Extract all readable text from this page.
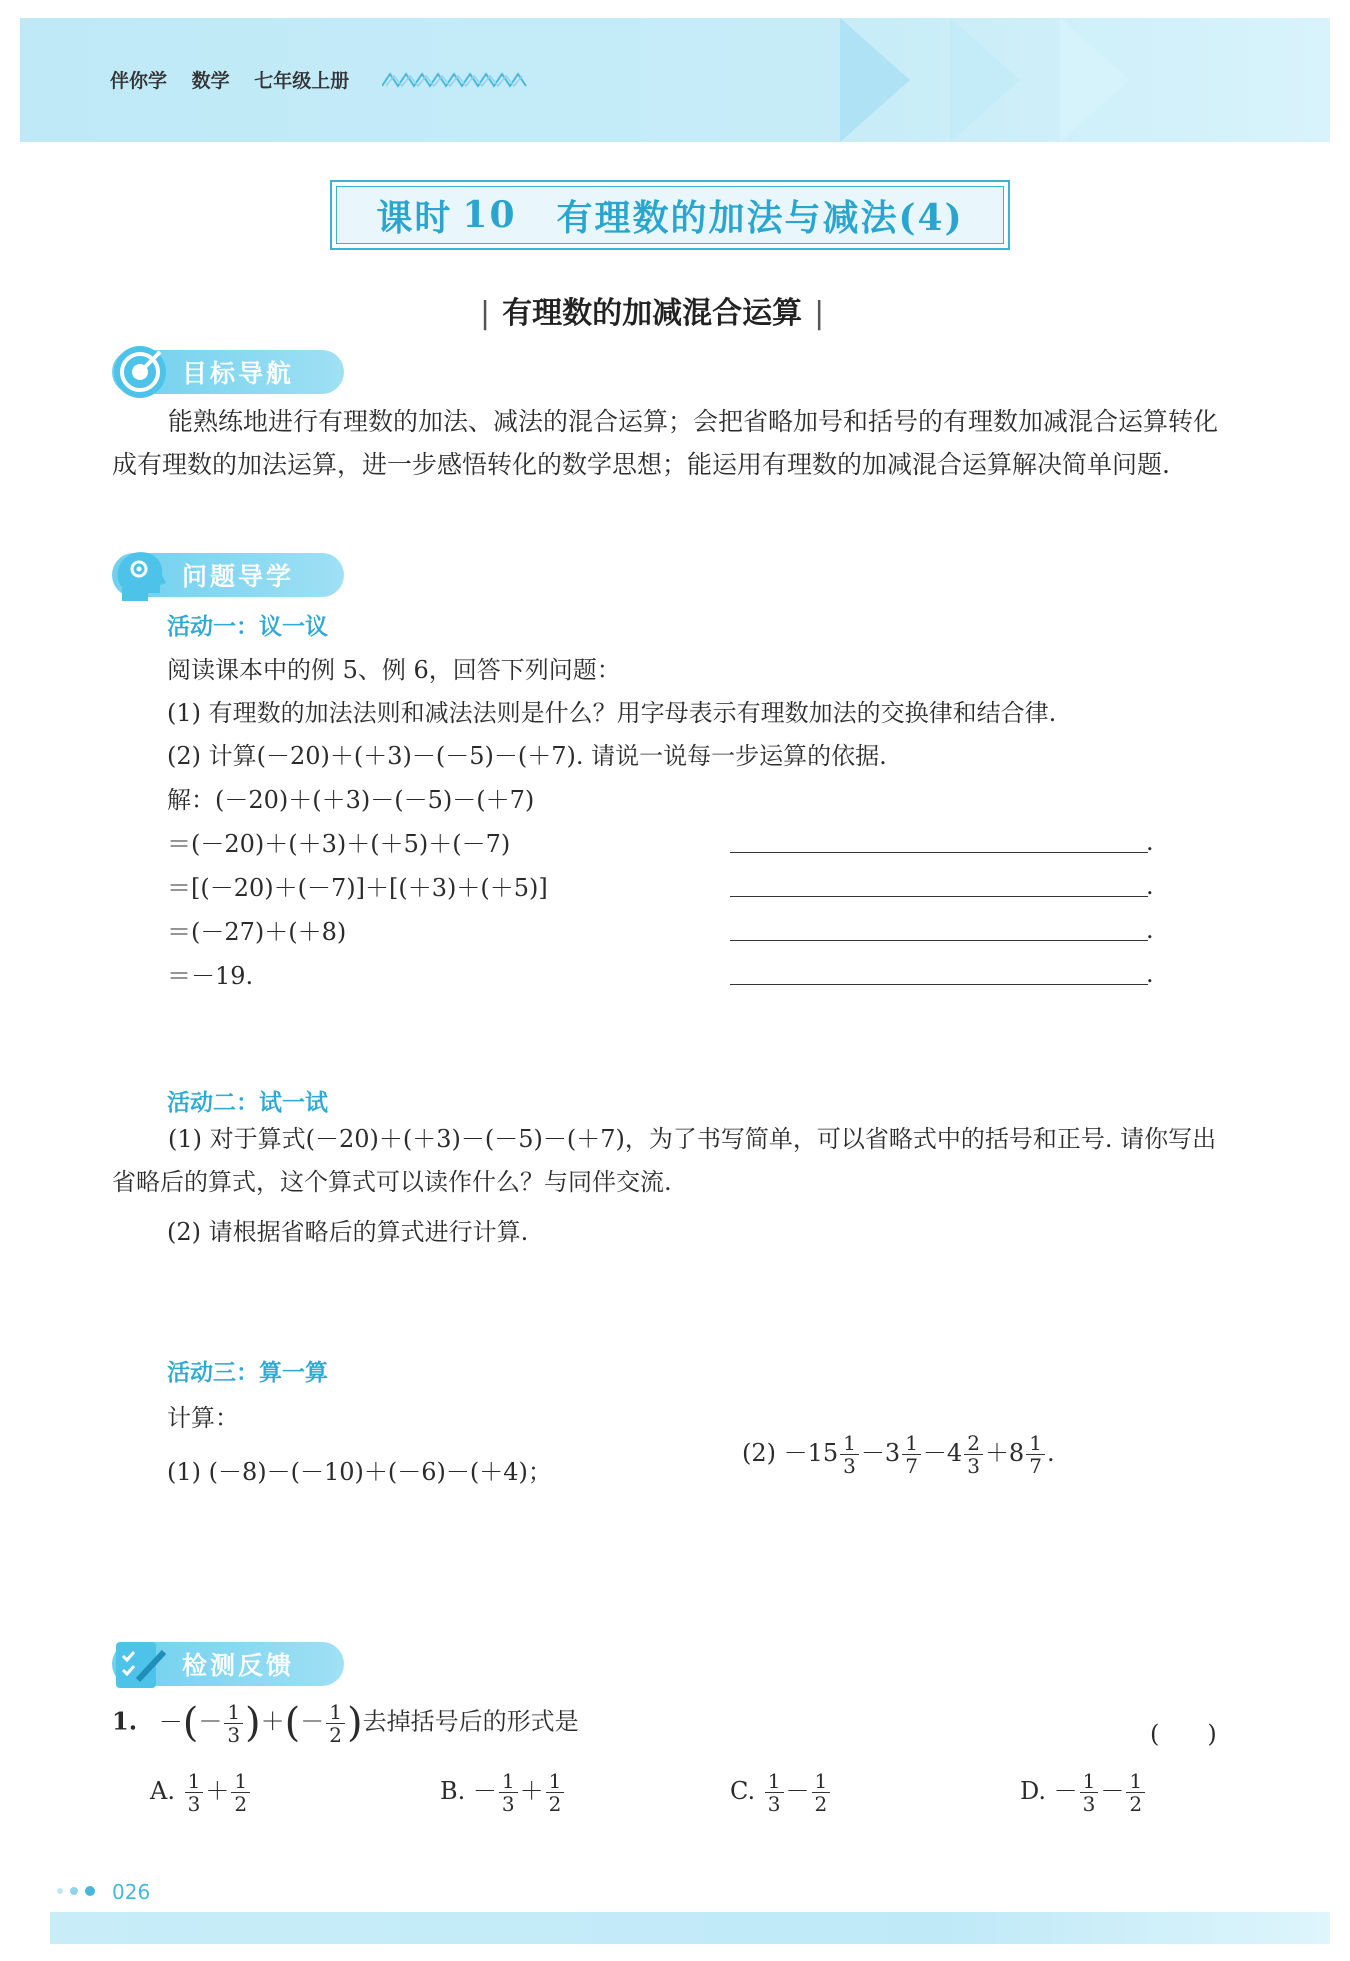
伴你学 数学 七年级上册
课时 10 有理数的加法与减法(4)
| 有理数的加减混合运算 |
目标导航
能熟练地进行有理数的加法、减法的混合运算；会把省略加号和括号的有理数加减混合运算转化成有理数的加法运算，进一步感悟转化的数学思想；能运用有理数的加减混合运算解决简单问题.
问题导学
活动一：议一议
阅读课本中的例 5、例 6，回答下列问题：
(1) 有理数的加法法则和减法法则是什么？用字母表示有理数加法的交换律和结合律.
(2) 计算(－20)＋(＋3)－(－5)－(＋7). 请说一说每一步运算的依据.
解：(－20)＋(＋3)－(－5)－(＋7)
＝(－20)＋(＋3)＋(＋5)＋(－7)
＝[(－20)＋(－7)]＋[(＋3)＋(＋5)]
＝(－27)＋(＋8)
＝－19.
.
.
.
.
活动二：试一试
(1) 对于算式(－20)＋(＋3)－(－5)－(＋7)，为了书写简单，可以省略式中的括号和正号. 请你写出省略后的算式，这个算式可以读作什么？与同伴交流.
(2) 请根据省略后的算式进行计算.
活动三：算一算
计算：
(1) (－8)－(－10)＋(－6)－(＋4)；
$(2) -15 \frac{1}{3} -3 \frac{1}{7} -4 \frac{2}{3} +8 \frac{1}{7}$ .
检测反馈
1. －(－ $\frac{1}{3}$ )＋(－ $\frac{1}{2}$ )去掉括号后的形式是	(　　)
A. $\frac{1}{3} + \frac{1}{2}$	B. － $\frac{1}{3} + \frac{1}{2}$	C. $\frac{1}{3} - \frac{1}{2}$	D. － $\frac{1}{3} - \frac{1}{2}$
026
